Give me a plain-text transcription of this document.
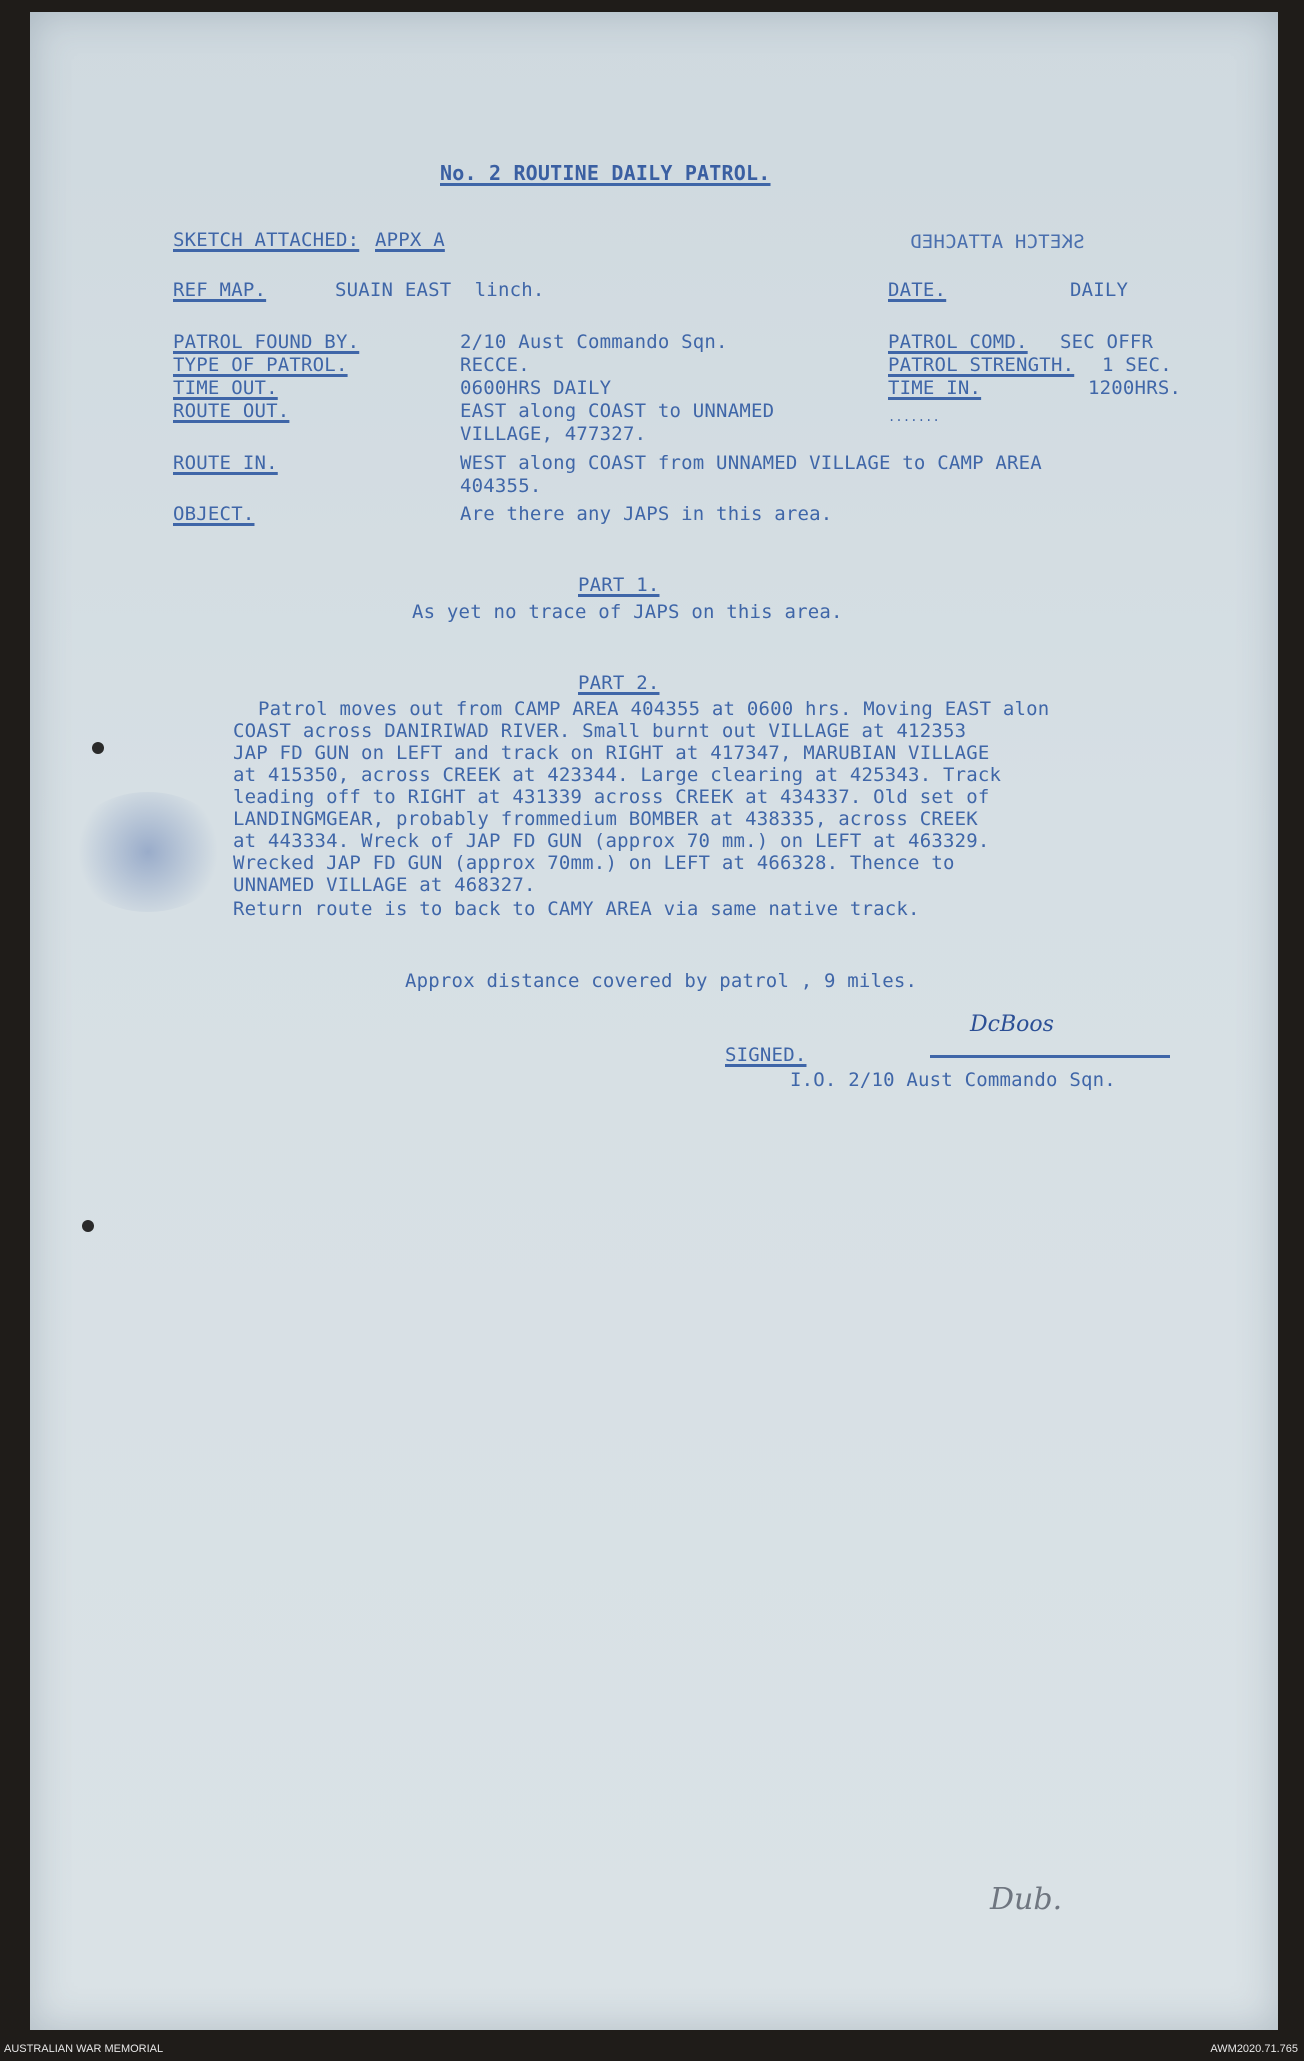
No. 2 ROUTINE DAILY PATROL.
SKETCH ATTACHED: APPX A	SKETCH ATTACHED
REF MAP.	SUAIN EAST  linch.	DATE.	DAILY
PATROL FOUND BY.	2/10 Aust Commando Sqn.	PATROL COMD. SEC OFFR
TYPE OF PATROL.	RECCE.	PATROL STRENGTH. 1 SEC.
TIME OUT.	0600HRS DAILY	TIME IN.	1200HRS.
ROUTE OUT.	EAST along COAST to UNNAMED
VILLAGE, 477327.
.......
ROUTE IN.	WEST along COAST from UNNAMED VILLAGE to CAMP AREA
404355.
OBJECT.	Are there any JAPS in this area.
PART 1.
As yet no trace of JAPS on this area.
PART 2.
Patrol moves out from CAMP AREA 404355 at 0600 hrs. Moving EAST alon
COAST across DANIRIWAD RIVER. Small burnt out VILLAGE at 412353
JAP FD GUN on LEFT and track on RIGHT at 417347, MARUBIAN VILLAGE
at 415350, across CREEK at 423344. Large clearing at 425343. Track
leading off to RIGHT at 431339 across CREEK at 434337. Old set of
LANDINGMGEAR, probably frommedium BOMBER at 438335, across CREEK
at 443334. Wreck of JAP FD GUN (approx 70 mm.) on LEFT at 463329.
Wrecked JAP FD GUN (approx 70mm.) on LEFT at 466328. Thence to
UNNAMED VILLAGE at 468327.
Return route is to back to CAMY AREA via same native track.
Approx distance covered by patrol , 9 miles.
SIGNED.
DcBoos
I.O. 2/10 Aust Commando Sqn.
Dub.
AUSTRALIAN WAR MEMORIAL	AWM2020.71.765
